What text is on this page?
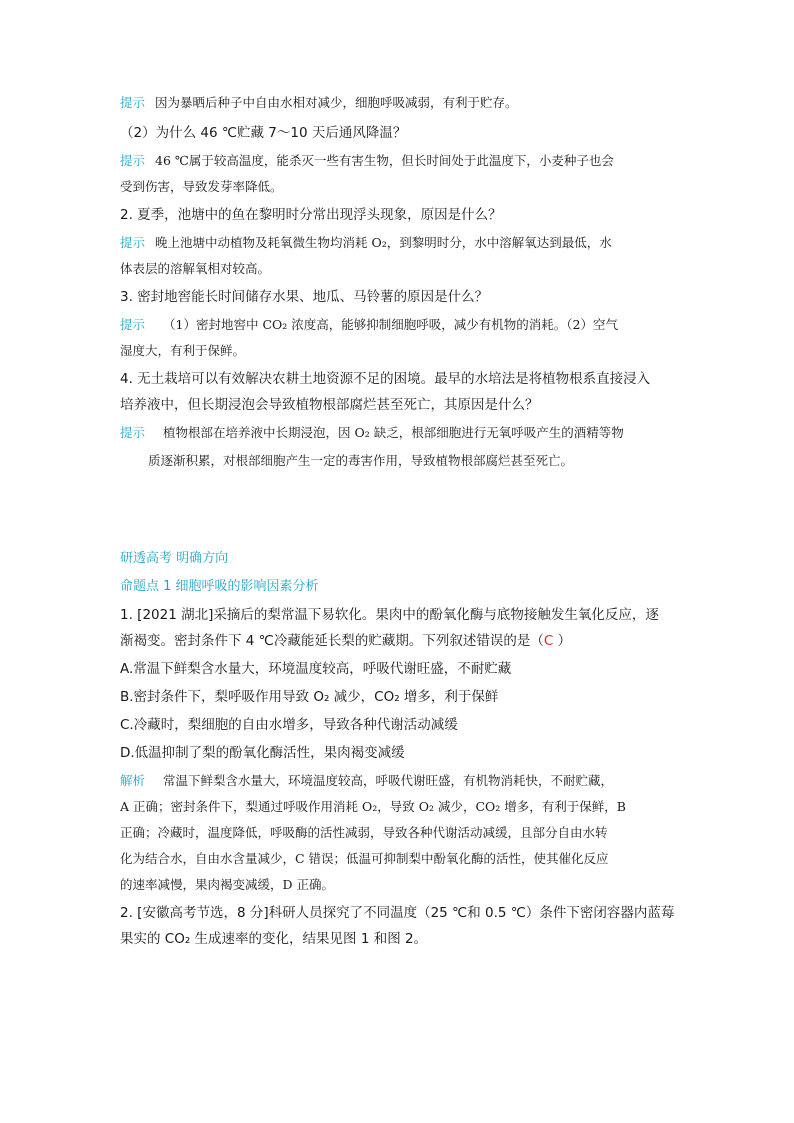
提示 因为暴晒后种子中自由水相对减少，细胞呼吸减弱，有利于贮存。
（2）为什么 46 ℃贮藏 7～10 天后通风降温？
提示 46 ℃属于较高温度，能杀灭一些有害生物，但长时间处于此温度下，小麦种子也会
受到伤害，导致发芽率降低。
2. 夏季，池塘中的鱼在黎明时分常出现浮头现象，原因是什么？
提示 晚上池塘中动植物及耗氧微生物均消耗 O₂，到黎明时分，水中溶解氧达到最低，水
体表层的溶解氧相对较高。
3. 密封地窖能长时间储存水果、地瓜、马铃薯的原因是什么？
提示 （1）密封地窖中 CO₂ 浓度高，能够抑制细胞呼吸，减少有机物的消耗。（2）空气
湿度大，有利于保鲜。
4. 无土栽培可以有效解决农耕土地资源不足的困境。最早的水培法是将植物根系直接浸入
培养液中，但长期浸泡会导致植物根部腐烂甚至死亡，其原因是什么？
提示 植物根部在培养液中长期浸泡，因 O₂ 缺乏，根部细胞进行无氧呼吸产生的酒精等物
质逐渐积累，对根部细胞产生一定的毒害作用，导致植物根部腐烂甚至死亡。
研透高考 明确方向
命题点 1 细胞呼吸的影响因素分析
1. [2021 湖北]采摘后的梨常温下易软化。果肉中的酚氧化酶与底物接触发生氧化反应，逐
渐褐变。密封条件下 4 ℃冷藏能延长梨的贮藏期。下列叙述错误的是（C ）
A.常温下鲜梨含水量大，环境温度较高，呼吸代谢旺盛，不耐贮藏
B.密封条件下，梨呼吸作用导致 O₂ 减少，CO₂ 增多，利于保鲜
C.冷藏时，梨细胞的自由水增多，导致各种代谢活动减缓
D.低温抑制了梨的酚氧化酶活性，果肉褐变减缓
解析 常温下鲜梨含水量大，环境温度较高，呼吸代谢旺盛，有机物消耗快，不耐贮藏，
A 正确；密封条件下，梨通过呼吸作用消耗 O₂，导致 O₂ 减少，CO₂ 增多，有利于保鲜，B
正确；冷藏时，温度降低，呼吸酶的活性减弱，导致各种代谢活动减缓，且部分自由水转
化为结合水，自由水含量减少，C 错误；低温可抑制梨中酚氧化酶的活性，使其催化反应
的速率减慢，果肉褐变减缓，D 正确。
2. [安徽高考节选，8 分]科研人员探究了不同温度（25 ℃和 0.5 ℃）条件下密闭容器内蓝莓
果实的 CO₂ 生成速率的变化，结果见图 1 和图 2。
